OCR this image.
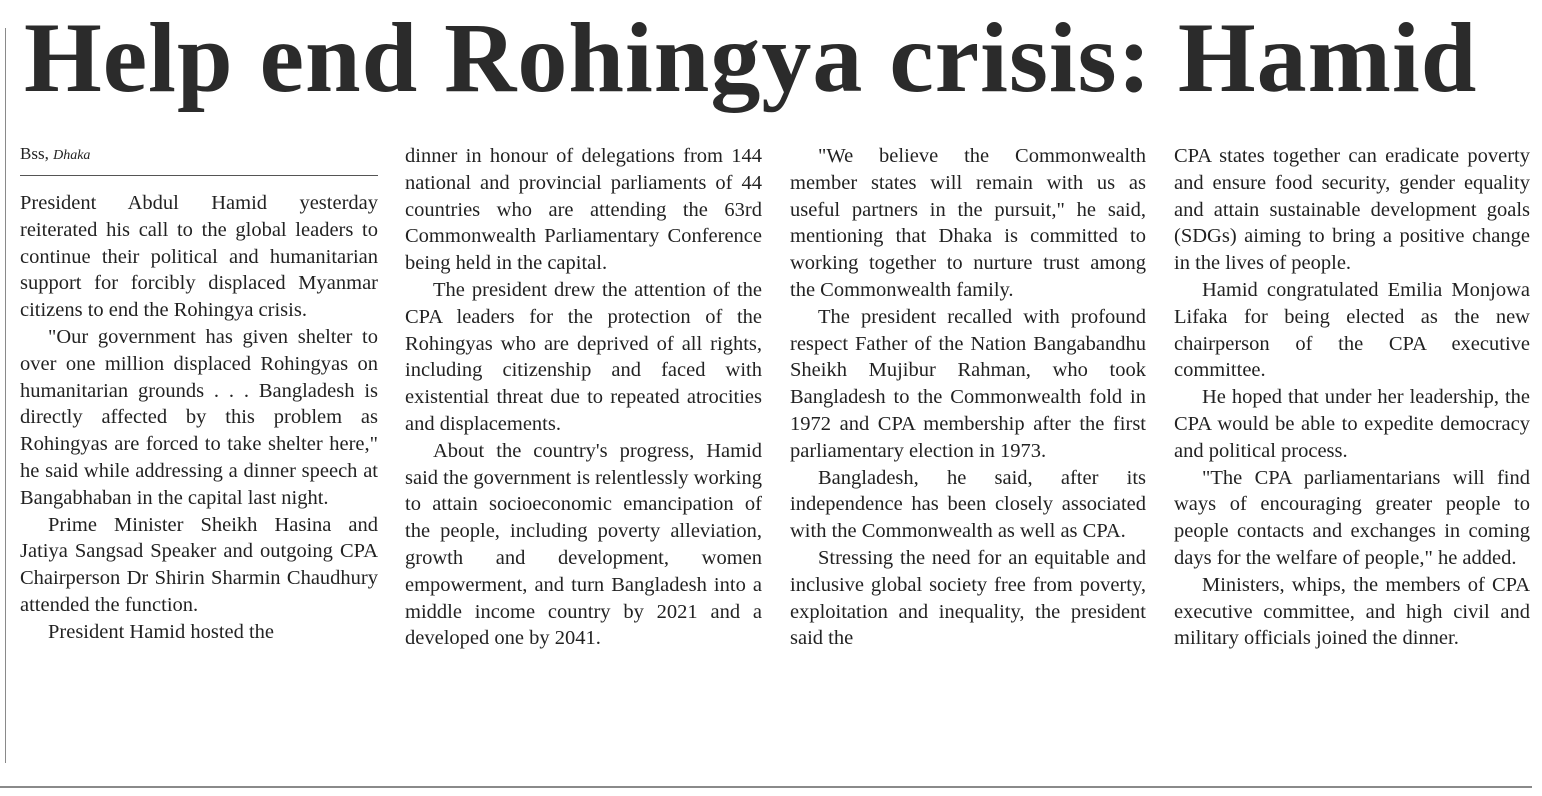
Help end Rohingya crisis: Hamid
Bss, Dhaka

President Abdul Hamid yesterday reiterated his call to the global leaders to continue their political and humanitarian support for forcibly displaced Myanmar citizens to end the Rohingya crisis.

"Our government has given shelter to over one million displaced Rohingyas on humanitarian grounds . . . Bangladesh is directly affected by this problem as Rohingyas are forced to take shelter here," he said while addressing a dinner speech at Bangabhaban in the capital last night.

Prime Minister Sheikh Hasina and Jatiya Sangsad Speaker and outgoing CPA Chairperson Dr Shirin Sharmin Chaudhury attended the function.

President Hamid hosted the

dinner in honour of delegations from 144 national and provincial parliaments of 44 countries who are attending the 63rd Commonwealth Parliamentary Conference being held in the capital.

The president drew the attention of the CPA leaders for the protection of the Rohingyas who are deprived of all rights, including citizenship and faced with existential threat due to repeated atrocities and displacements.

About the country's progress, Hamid said the government is relentlessly working to attain socioeconomic emancipation of the people, including poverty alleviation, growth and development, women empowerment, and turn Bangladesh into a middle income country by 2021 and a developed one by 2041.

"We believe the Commonwealth member states will remain with us as useful partners in the pursuit," he said, mentioning that Dhaka is committed to working together to nurture trust among the Commonwealth family.

The president recalled with profound respect Father of the Nation Bangabandhu Sheikh Mujibur Rahman, who took Bangladesh to the Commonwealth fold in 1972 and CPA membership after the first parliamentary election in 1973.

Bangladesh, he said, after its independence has been closely associated with the Commonwealth as well as CPA.

Stressing the need for an equitable and inclusive global society free from poverty, exploitation and inequality, the president said the

CPA states together can eradicate poverty and ensure food security, gender equality and attain sustainable development goals (SDGs) aiming to bring a positive change in the lives of people.

Hamid congratulated Emilia Monjowa Lifaka for being elected as the new chairperson of the CPA executive committee.

He hoped that under her leadership, the CPA would be able to expedite democracy and political process.

"The CPA parliamentarians will find ways of encouraging greater people to people contacts and exchanges in coming days for the welfare of people," he added.

Ministers, whips, the members of CPA executive committee, and high civil and military officials joined the dinner.
